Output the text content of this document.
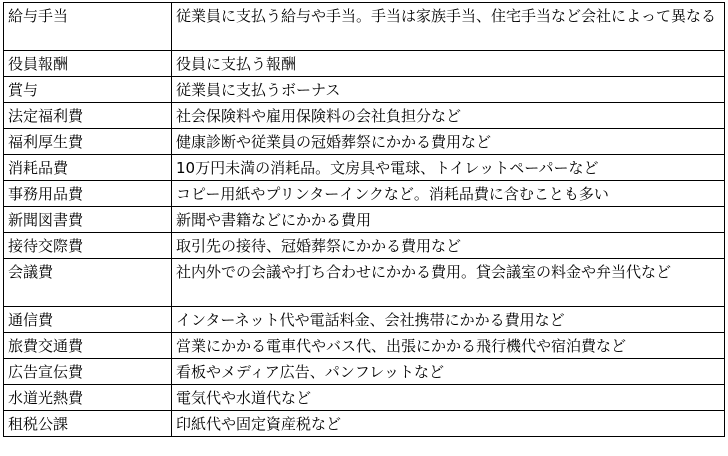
給与手当	従業員に支払う給与や手当。手当は家族手当、住宅手当など会社によって異なる
役員報酬	役員に支払う報酬
賞与	従業員に支払うボーナス
法定福利費	社会保険料や雇用保険料の会社負担分など
福利厚生費	健康診断や従業員の冠婚葬祭にかかる費用など
消耗品費	10万円未満の消耗品。文房具や電球、トイレットペーパーなど
事務用品費	コピー用紙やプリンターインクなど。消耗品費に含むことも多い
新聞図書費	新聞や書籍などにかかる費用
接待交際費	取引先の接待、冠婚葬祭にかかる費用など
会議費	社内外での会議や打ち合わせにかかる費用。貸会議室の料金や弁当代など
通信費	インターネット代や電話料金、会社携帯にかかる費用など
旅費交通費	営業にかかる電車代やバス代、出張にかかる飛行機代や宿泊費など
広告宣伝費	看板やメディア広告、パンフレットなど
水道光熱費	電気代や水道代など
租税公課	印紙代や固定資産税など
